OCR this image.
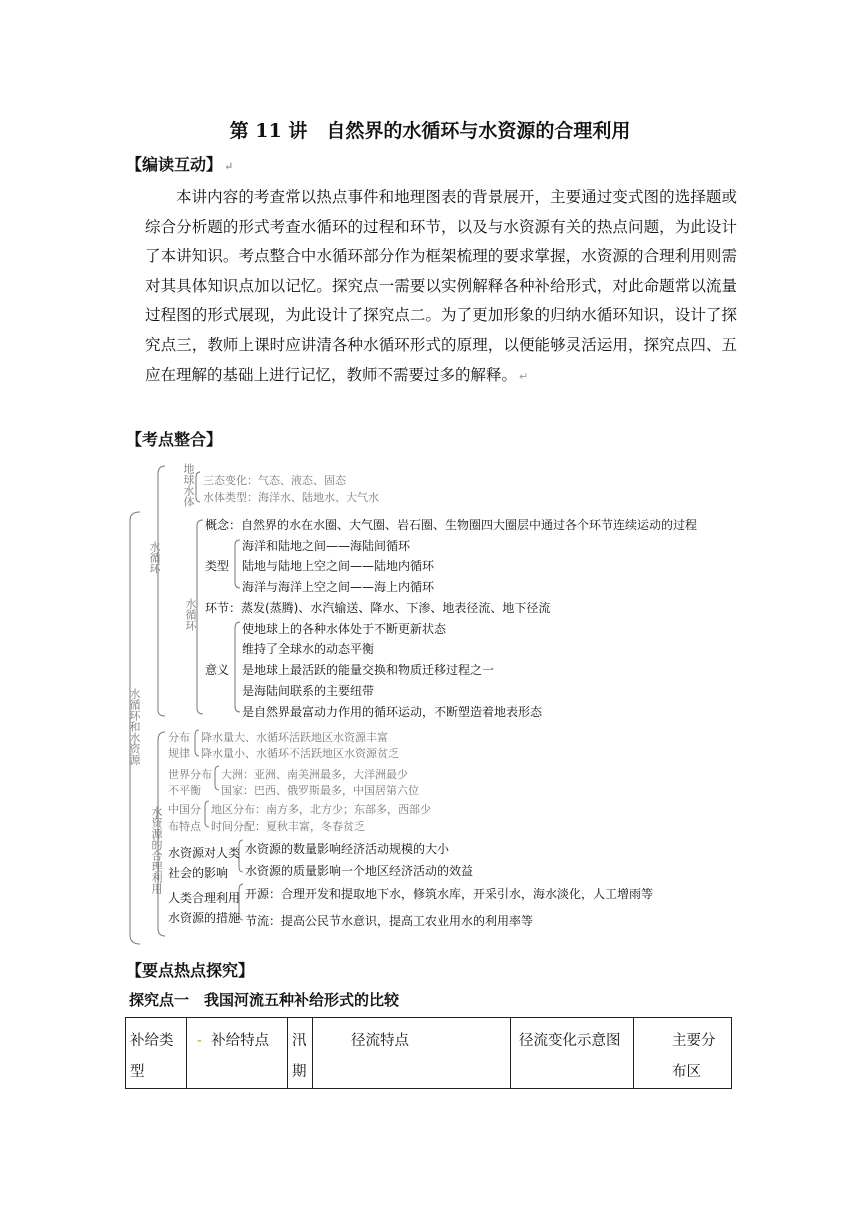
第 11 讲　自然界的水循环与水资源的合理利用
【编读互动】 ↵
本讲内容的考查常以热点事件和地理图表的背景展开，主要通过变式图的选择题或综合分析题的形式考查水循环的过程和环节，以及与水资源有关的热点问题，为此设计了本讲知识。考点整合中水循环部分作为框架梳理的要求掌握，水资源的合理利用则需对其具体知识点加以记忆。探究点一需要以实例解释各种补给形式，对此命题常以流量过程图的形式展现，为此设计了探究点二。为了更加形象的归纳水循环知识，设计了探究点三，教师上课时应讲清各种水循环形式的原理，以便能够灵活运用，探究点四、五应在理解的基础上进行记忆，教师不需要过多的解释。 ↵
【考点整合】
水循环和水资源
水循环
地球水体 三态变化：气态、液态、固态
水体类型：海洋水、陆地水、大气水
水循环
概念：自然界的水在水圈、大气圈、岩石圈、生物圈四大圈层中通过各个环节连续运动的过程
类型
海洋和陆地之间——海陆间循环
陆地与陆地上空之间——陆地内循环
海洋与海洋上空之间——海上内循环
环节：蒸发(蒸腾)、水汽输送、降水、下渗、地表径流、地下径流
意义
使地球上的各种水体处于不断更新状态
维持了全球水的动态平衡
是地球上最活跃的能量交换和物质迁移过程之一
是海陆间联系的主要纽带
是自然界最富动力作用的循环运动，不断塑造着地表形态
水资源的合理利用
分布
规律
降水量大、水循环活跃地区水资源丰富
降水量小、水循环不活跃地区水资源贫乏
世界分布
不平衡
大洲：亚洲、南美洲最多，大洋洲最少
国家：巴西、俄罗斯最多，中国居第六位
中国分
布特点
地区分布：南方多，北方少；东部多，西部少
时间分配：夏秋丰富，冬春贫乏
水资源对人类
社会的影响
水资源的数量影响经济活动规模的大小
水资源的质量影响一个地区经济活动的效益
人类合理利用
水资源的措施
开源：合理开发和提取地下水，修筑水库，开采引水，海水淡化，人工增雨等
节流：提高公民节水意识，提高工农业用水的利用率等
【要点热点探究】
探究点一　我国河流五种补给形式的比较
补给类型	- 补给特点	汛期	径流特点	径流变化示意图	主要分布区
